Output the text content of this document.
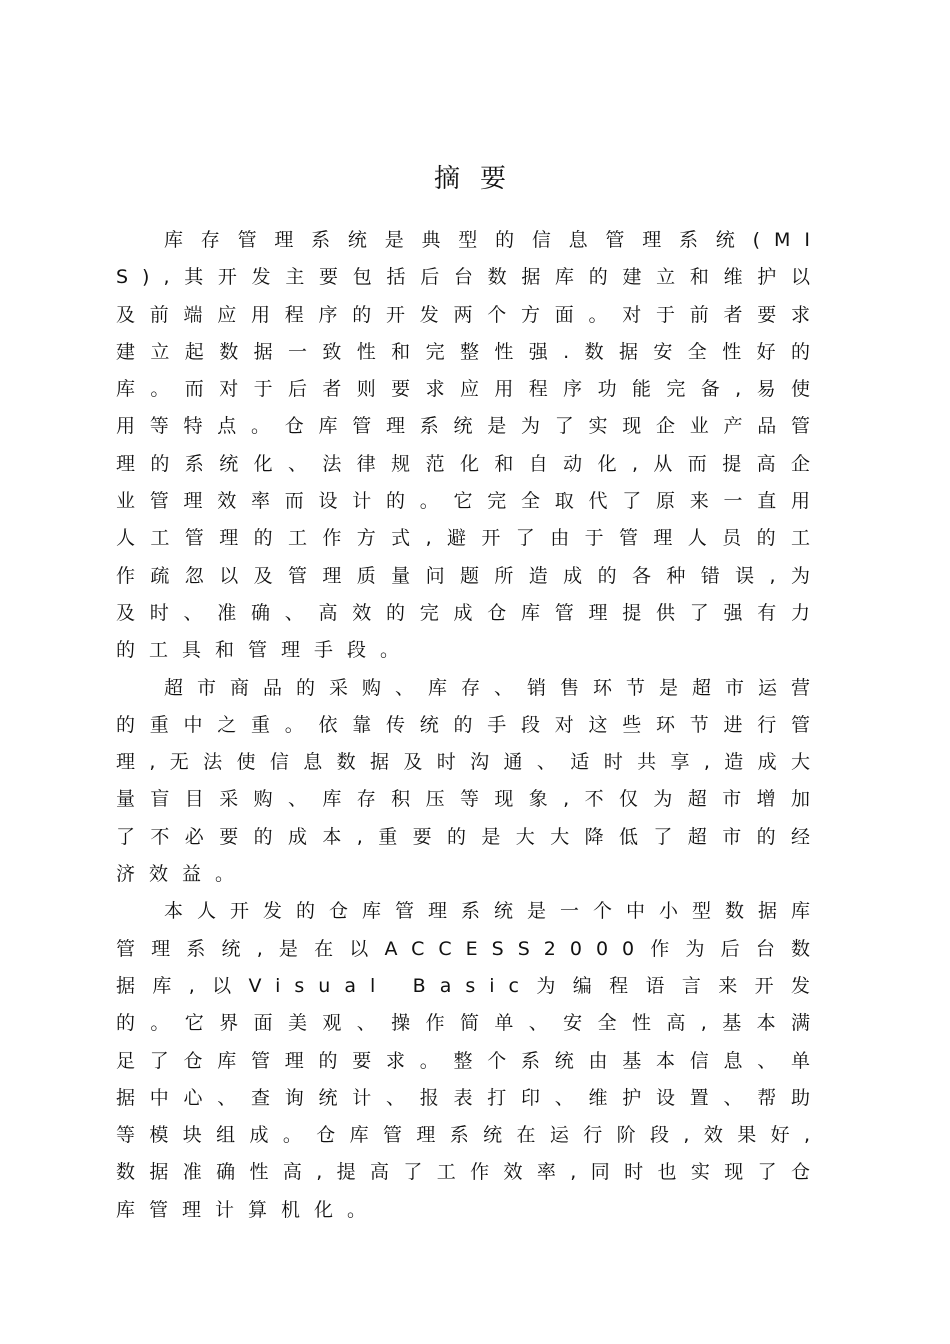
摘要

库存管理系统是典型的信息管理系统(MIS),其开发主要包括后台数据库的建立和维护以及前端应用程序的开发两个方面。对于前者要求建立起数据一致性和完整性强.数据安全性好的库。而对于后者则要求应用程序功能完备,易使用等特点。仓库管理系统是为了实现企业产品管理的系统化、法律规范化和自动化,从而提高企业管理效率而设计的。它完全取代了原来一直用人工管理的工作方式,避开了由于管理人员的工作疏忽以及管理质量问题所造成的各种错误,为及时、准确、高效的完成仓库管理提供了强有力的工具和管理手段。

超市商品的采购、库存、销售环节是超市运营的重中之重。依靠传统的手段对这些环节进行管理,无法使信息数据及时沟通、适时共享,造成大量盲目采购、库存积压等现象,不仅为超市增加了不必要的成本,重要的是大大降低了超市的经济效益。

本人开发的仓库管理系统是一个中小型数据库管理系统,是在以ACCESS2000作为后台数据库,以Visual Basic为编程语言来开发的。它界面美观、操作简单、安全性高,基本满足了仓库管理的要求。整个系统由基本信息、单据中心、查询统计、报表打印、维护设置、帮助等模块组成。仓库管理系统在运行阶段,效果好,数据准确性高,提高了工作效率,同时也实现了仓库管理计算机化。
